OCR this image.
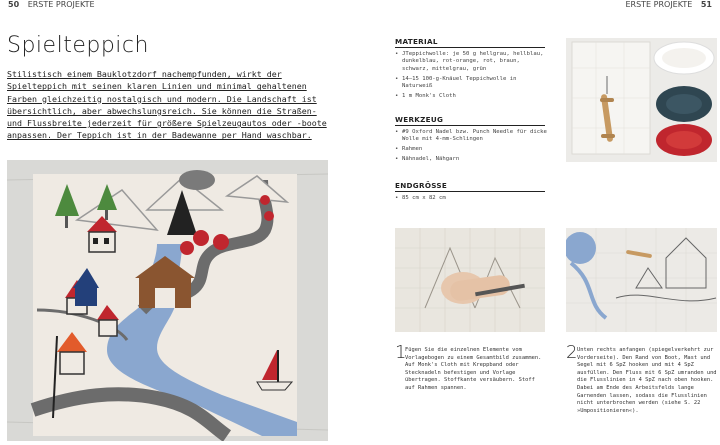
50 ERSTE PROJEKTE	ERSTE PROJEKTE 51
Spielteppich
Stilistisch einem Bauklotzdorf nachempfunden, wirkt der Spielteppich mit seinen klaren Linien und minimal gehaltenen Farben gleichzeitig nostalgisch und modern. Die Landschaft ist übersichtlich, aber abwechslungsreich. Sie können die Straßen- und Flussbreite jederzeit für größere Spielzeugautos oder -boote anpassen. Der Teppich ist in der Badewanne per Hand waschbar.
MATERIAL
• JTeppichwolle: je 50 g hellgrau, hellblau, dunkelblau, rot-orange, rot, braun, schwarz, mittelgrau, grün
• 14–15 100-g-Knäuel Teppichwolle in Naturweiß
• 1 m Monk's Cloth
WERKZEUG
• #9 Oxford Nadel bzw. Punch Needle für dicke Wolle mit 4-mm-Schlingen
• Rahmen
• Nähnadel, Nähgarn
ENDGRÖSSE
• 85 cm x 82 cm
1
Fügen Sie die einzelnen Elemente vom Vorlagebogen zu einem Gesamtbild zusammen. Auf Monk's Cloth mit Kreppband oder Stecknadeln befestigen und Vorlage übertragen. Stoffkante versäubern. Stoff auf Rahmen spannen.
2 Unten rechts anfangen (spiegelverkehrt zur Vorderseite). Den Rand von Boot, Mast und Segel mit 6 SpZ hooken und mit 4 SpZ ausfüllen. Den Fluss mit 6 SpZ umranden und die Flusslinien in 4 SpZ nach oben hooken. Dabei am Ende des Arbeitsfelds lange Garnenden lassen, sodass die Flusslinien nicht unterbrochen werden (siehe S. 22 »Umpositionieren«).
